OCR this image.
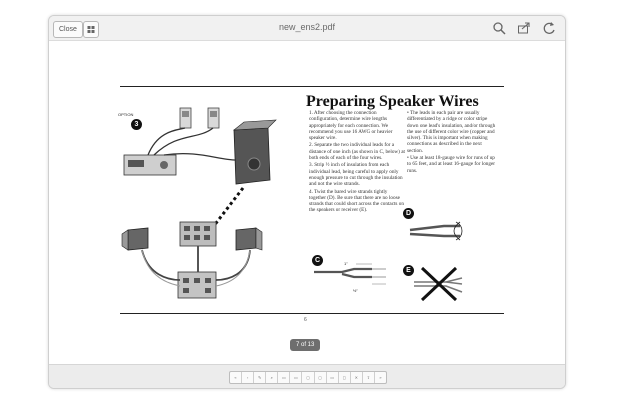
Close	new_ens2.pdf
7 of 13
«	‹	✎	⌕	▭	▭	◻	◻	▭	◻	✕	⇧	»
Preparing Speaker Wires
OPTION
3
1. After choosing the connection configuration, determine wire lengths appropriately for each connection. We recommend you use 16 AWG or heavier speaker wire.
2. Separate the two individual leads for a distance of one inch (as shown in C, below) at both ends of each of the four wires.
3. Strip ½ inch of insulation from each individual lead, being careful to apply only enough pressure to cut through the insulation and not the wire strands.
4. Twist the bared wire strands tightly together (D). Be sure that there are no loose strands that could short across the contacts on the speakers or receiver (E).
• The leads in each pair are usually differentiated by a ridge or color stripe down one lead's insulation, and/or through the use of different color wire (copper and silver). This is important when making connections as described in the next section.
• Use at least 18-gauge wire for runs of up to 65 feet, and at least 16-gauge for longer runs.
C	1"
½"
D
E
6
